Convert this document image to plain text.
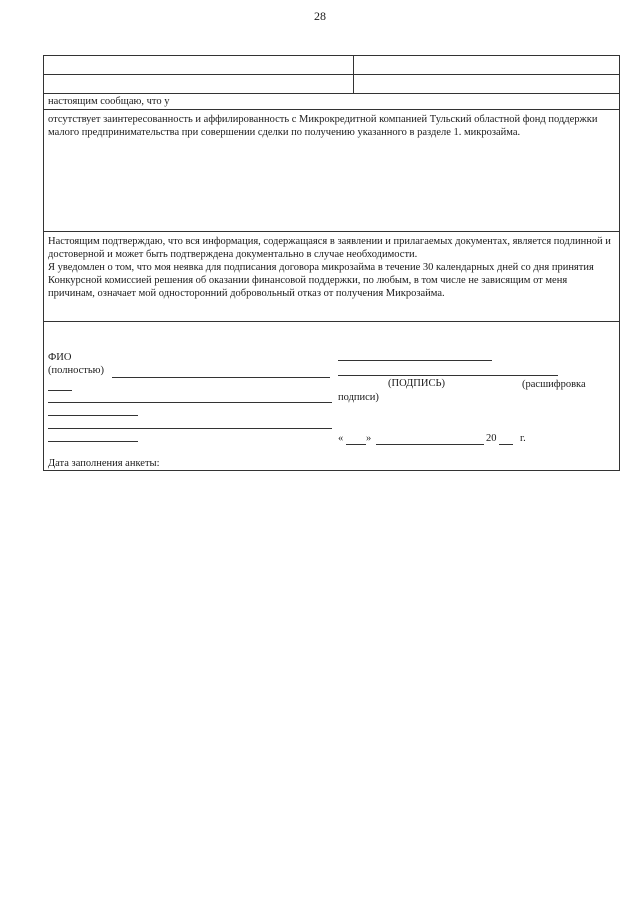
28
настоящим сообщаю, что у
отсутствует заинтересованность и аффилированность с Микрокредитной компанией Тульский областной фонд поддержки малого предпринимательства при совершении сделки по получению указанного в разделе 1. микрозайма.
Настоящим подтверждаю, что вся информация, содержащаяся в заявлении и прилагаемых документах, является подлинной и достоверной и может быть подтверждена документально в случае необходимости.
Я уведомлен о том, что моя неявка для подписания договора микрозайма в течение 30 календарных дней со дня принятия Конкурсной комиссией решения об оказании финансовой поддержки, по любым, в том числе не зависящим от меня причинам, означает мой односторонний добровольный отказ от получения Микрозайма.
ФИО
(полностью)
(ПОДПИСЬ)	(расшифровка
подписи)
« »	20 г.
Дата заполнения анкеты:
